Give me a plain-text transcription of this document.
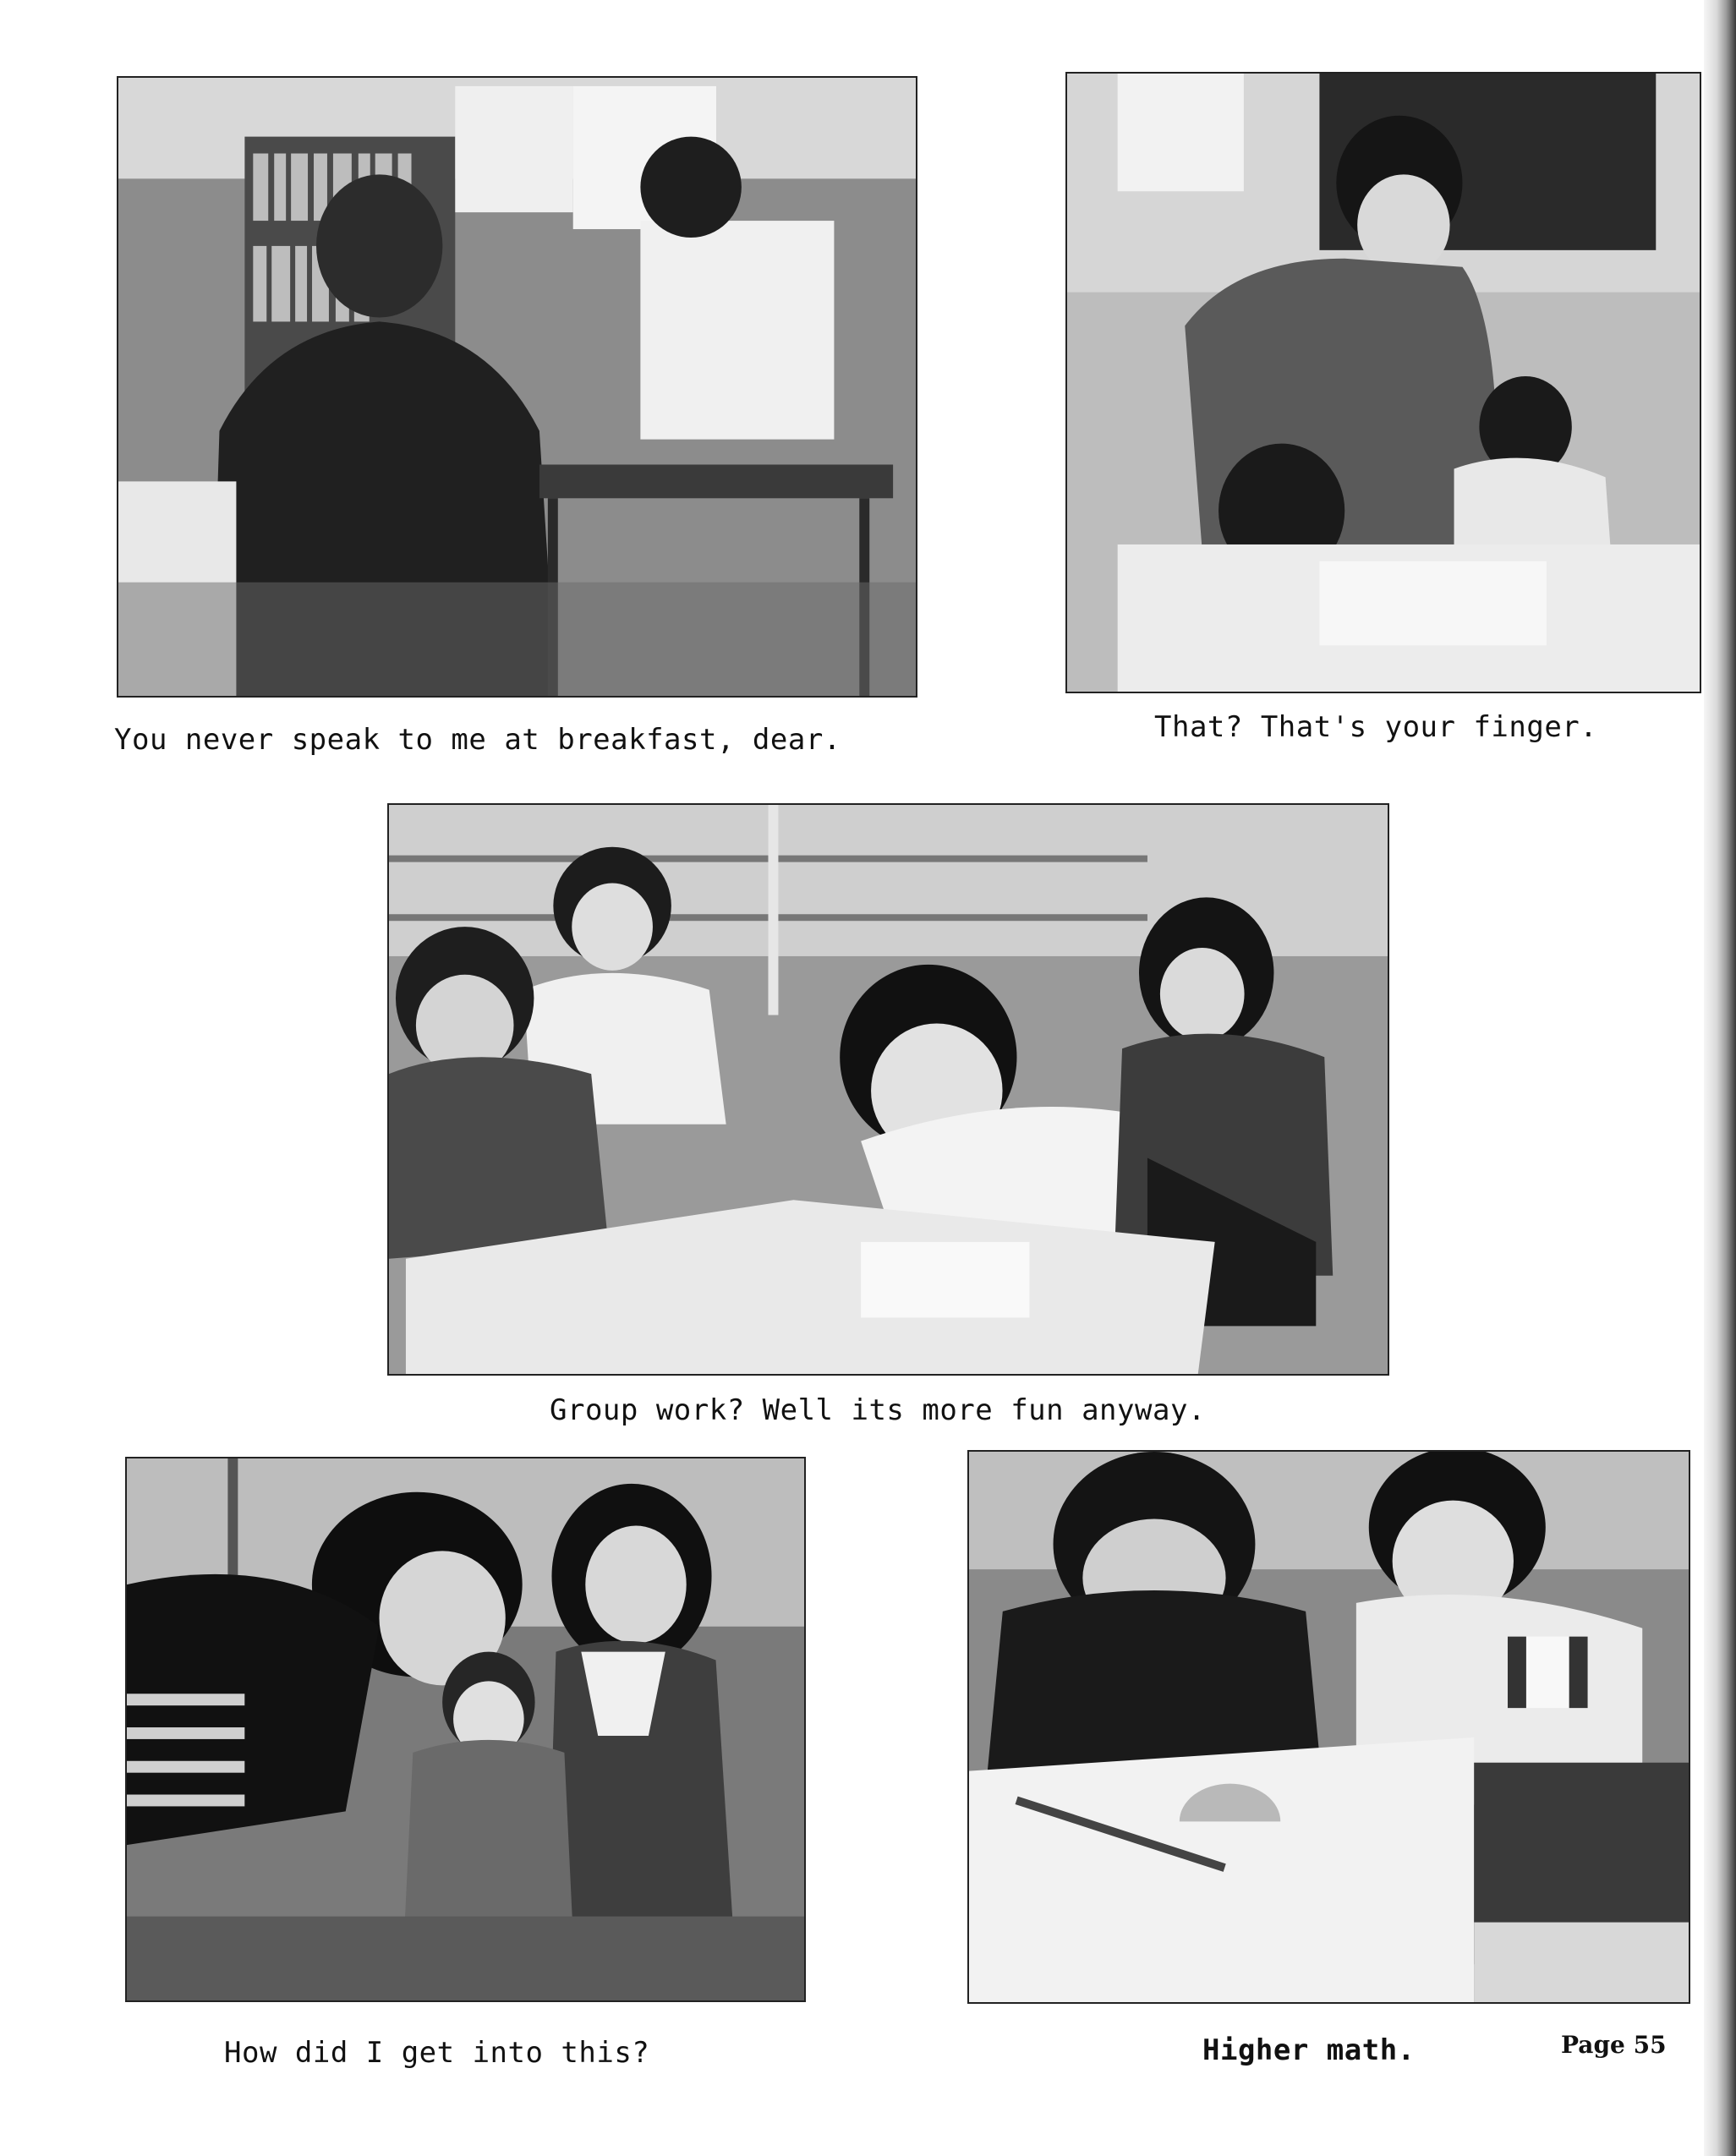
You never speak to me at breakfast, dear.	That? That's your finger.
Group work? Well its more fun anyway.
How did I get into this?	Higher math.	Page 55
